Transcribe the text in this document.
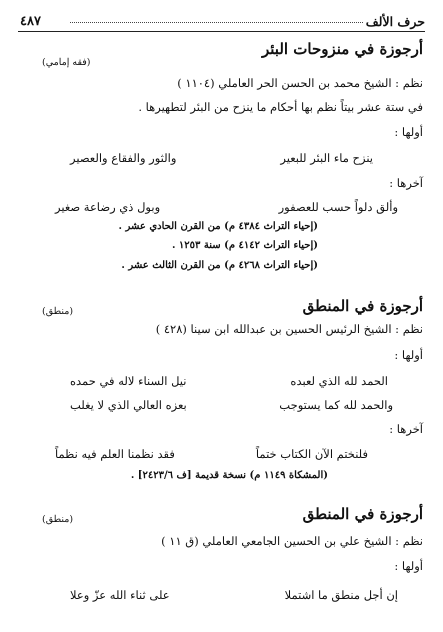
حرف الألف
٤٨٧
أرجوزة في منزوحات البئر
(فقه إمامي)
نظم : الشيخ محمد بن الحسن الحر العاملي (١١٠٤ )
في ستة عشر بيتاً نظم بها أحكام ما ينزح من البئر لتطهيرها .
أولها :
ينزح ماء البئر للبعير
والثور والفقاع والعصير
آخرها :
وألق دلواً حسب للعصفور
وبول ذي رضاعة صغير
(إحياء التراث ٤٣٨٤ م) من القرن الحادي عشر .
(إحياء التراث ٤١٤٢ م) سنة ١٢٥٣ .
(إحياء التراث ٤٢٦٨ م) من القرن الثالث عشر .
أرجوزة في المنطق
(منطق)
نظم : الشيخ الرئيس الحسين بن عبدالله ابن سينا (٤٢٨ )
أولها :
الحمد لله الذي لعبده
نيل السناء لاله في حمده
والحمد لله كما يستوجب
بعزه العالي الذي لا يغلب
آخرها :
فلنختم الآن الكتاب ختماً
فقد نظمنا العلم فيه نظماً
(المشكاة ١١٤٩ م) نسخة قديمة [ف ٢٤٢٣/٦] .
أرجوزة في المنطق
(منطق)
نظم : الشيخ علي بن الحسين الجامعي العاملي (ق ١١ )
أولها :
إن أجل منطق ما اشتملا
على ثناء الله عزّ وعلا
